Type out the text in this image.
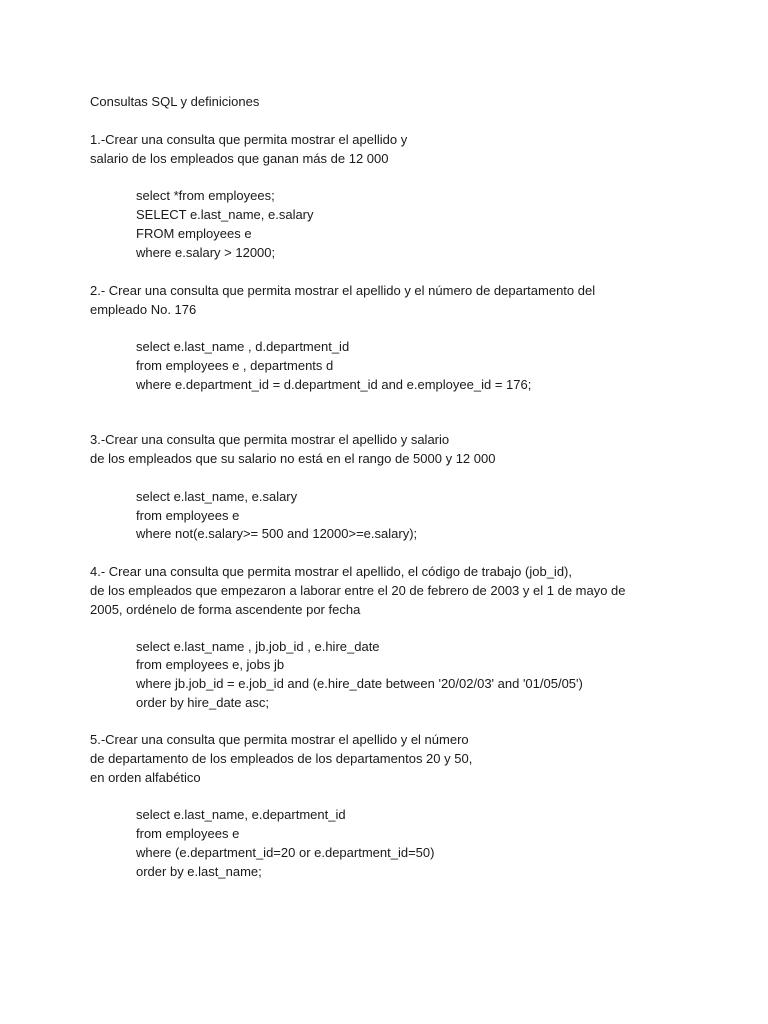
Consultas SQL y definiciones
1.-Crear una consulta que permita mostrar el apellido y
salario de los empleados que ganan más de 12 000
select *from employees;
SELECT e.last_name, e.salary
FROM employees e
where e.salary > 12000;
2.- Crear una consulta que permita mostrar el apellido y el número de departamento del
empleado No. 176
select e.last_name , d.department_id
from employees e , departments d
where e.department_id = d.department_id and e.employee_id = 176;
3.-Crear una consulta que permita mostrar el apellido y salario
de los empleados que su salario no está en el rango de 5000 y 12 000
select e.last_name, e.salary
from employees e
where not(e.salary>= 500 and 12000>=e.salary);
4.- Crear una consulta que permita mostrar el apellido, el código de trabajo (job_id),
de los empleados que empezaron a laborar entre el 20 de febrero de 2003 y el 1 de mayo de
2005, ordénelo de forma ascendente por fecha
select e.last_name , jb.job_id , e.hire_date
from employees e, jobs jb
where jb.job_id = e.job_id and (e.hire_date between '20/02/03' and '01/05/05')
order by hire_date asc;
5.-Crear una consulta que permita mostrar el apellido y el número
de departamento de los empleados de los departamentos 20 y 50,
en orden alfabético
select e.last_name, e.department_id
from employees e
where (e.department_id=20 or e.department_id=50)
order by e.last_name;
